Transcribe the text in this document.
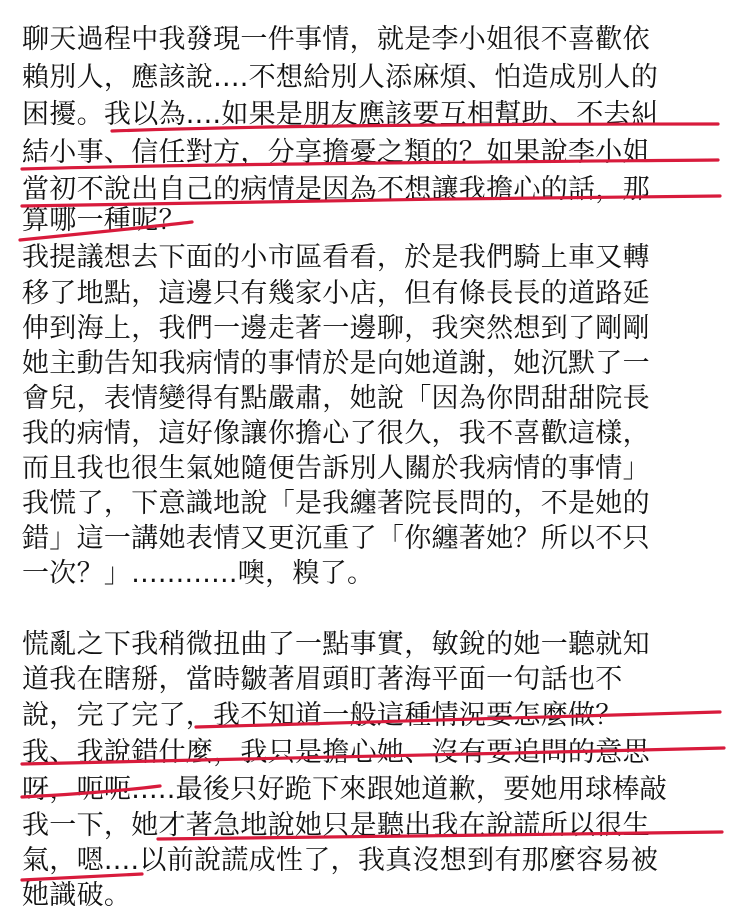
聊天過程中我發現一件事情，就是李小姐很不喜歡依
賴別人，應該說....不想給別人添麻煩、怕造成別人的
困擾。我以為....如果是朋友應該要互相幫助、不去糾
結小事、信任對方，分享擔憂之類的？如果說李小姐
當初不說出自己的病情是因為不想讓我擔心的話，那
算哪一種呢？
我提議想去下面的小市區看看，於是我們騎上車又轉
移了地點，這邊只有幾家小店，但有條長長的道路延
伸到海上，我們一邊走著一邊聊，我突然想到了剛剛
她主動告知我病情的事情於是向她道謝，她沉默了一
會兒，表情變得有點嚴肅，她說「因為你問甜甜院長
我的病情，這好像讓你擔心了很久，我不喜歡這樣，
而且我也很生氣她隨便告訴別人關於我病情的事情」
我慌了，下意識地說「是我纏著院長問的，不是她的
錯」這一講她表情又更沉重了「你纏著她？所以不只
一次？」............噢，糗了。
慌亂之下我稍微扭曲了一點事實，敏銳的她一聽就知
道我在瞎掰，當時皺著眉頭盯著海平面一句話也不
說，完了完了，我不知道一般這種情況要怎麼做？
我、我說錯什麼，我只是擔心她、沒有要追問的意思
呀，呃呃.....最後只好跪下來跟她道歉，要她用球棒敲
我一下，她才著急地說她只是聽出我在說謊所以很生
氣，嗯....以前說謊成性了，我真沒想到有那麼容易被
她識破。
